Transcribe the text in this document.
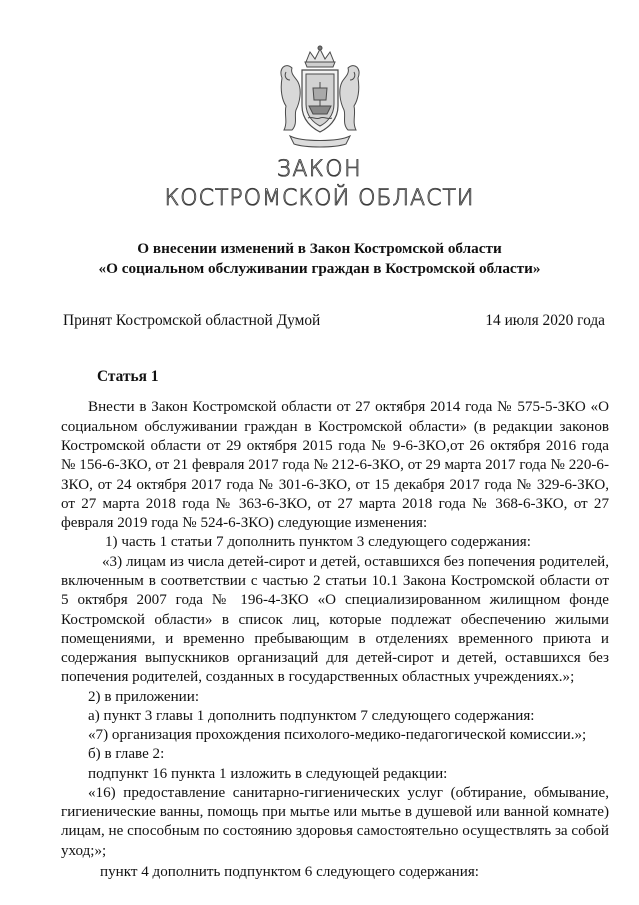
ЗАКОН
КОСТРОМСКОЙ ОБЛАСТИ
О внесении изменений в Закон Костромской области
«О социальном обслуживании граждан в Костромской области»
Принят Костромской областной Думой	14 июля 2020 года
Статья 1
Внести в Закон Костромской области от 27 октября 2014 года № 575-5-ЗКО «О
социальном обслуживании граждан в Костромской области» (в редакции законов
Костромской области от 29 октября 2015 года № 9-6-ЗКО,от 26 октября 2016 года
№ 156-6-ЗКО, от 21 февраля 2017 года № 212-6-ЗКО, от 29 марта 2017 года № 220-6-
ЗКО, от 24 октября 2017 года № 301-6-ЗКО, от 15 декабря 2017 года № 329-6-ЗКО,
от 27 марта 2018 года № 363-6-ЗКО, от 27 марта 2018 года № 368-6-ЗКО, от 27
февраля 2019 года № 524-6-ЗКО) следующие изменения:
1) часть 1 статьи 7 дополнить пунктом 3 следующего содержания:
«3) лицам из числа детей-сирот и детей, оставшихся без попечения родителей,
включенным в соответствии с частью 2 статьи 10.1 Закона Костромской области от
5 октября 2007 года № 196-4-ЗКО «О специализированном жилищном фонде
Костромской области» в список лиц, которые подлежат обеспечению жилыми
помещениями, и временно пребывающим в отделениях временного приюта и
содержания выпускников организаций для детей-сирот и детей, оставшихся без
попечения родителей, созданных в государственных областных учреждениях.»;
2) в приложении:
а) пункт 3 главы 1 дополнить подпунктом 7 следующего содержания:
«7) организация прохождения психолого-медико-педагогической комиссии.»;
б) в главе 2:
подпункт 16 пункта 1 изложить в следующей редакции:
«16) предоставление санитарно-гигиенических услуг (обтирание, обмывание,
гигиенические ванны, помощь при мытье или мытье в душевой или ванной комнате)
лицам, не способным по состоянию здоровья самостоятельно осуществлять за собой
уход;»;
пункт 4 дополнить подпунктом 6 следующего содержания:
